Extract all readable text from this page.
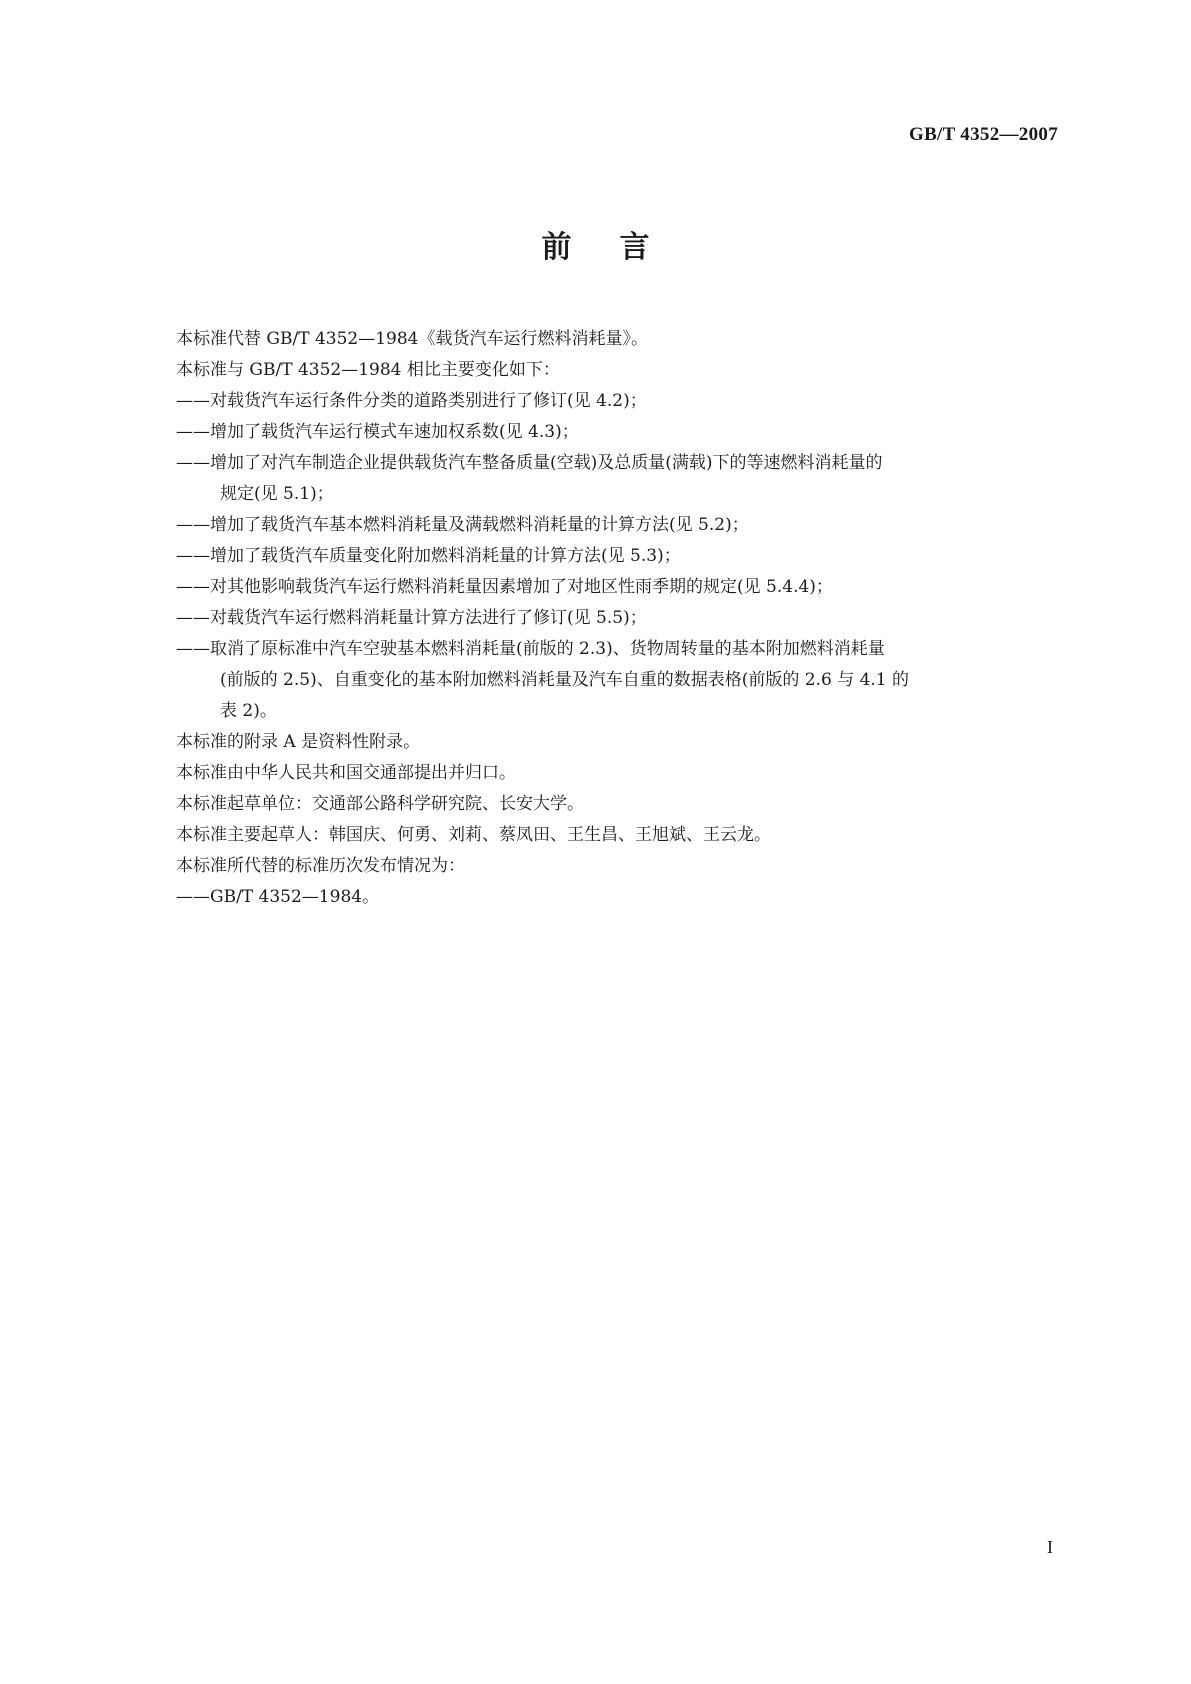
GB/T 4352—2007
前言

本标准代替 GB/T 4352—1984《载货汽车运行燃料消耗量》。

本标准与 GB/T 4352—1984 相比主要变化如下：

——对载货汽车运行条件分类的道路类别进行了修订(见 4.2)；

——增加了载货汽车运行模式车速加权系数(见 4.3)；

——增加了对汽车制造企业提供载货汽车整备质量(空载)及总质量(满载)下的等速燃料消耗量的

规定(见 5.1)；

——增加了载货汽车基本燃料消耗量及满载燃料消耗量的计算方法(见 5.2)；

——增加了载货汽车质量变化附加燃料消耗量的计算方法(见 5.3)；

——对其他影响载货汽车运行燃料消耗量因素增加了对地区性雨季期的规定(见 5.4.4)；

——对载货汽车运行燃料消耗量计算方法进行了修订(见 5.5)；

——取消了原标准中汽车空驶基本燃料消耗量(前版的 2.3)、货物周转量的基本附加燃料消耗量

(前版的 2.5)、自重变化的基本附加燃料消耗量及汽车自重的数据表格(前版的 2.6 与 4.1 的

表 2)。

本标准的附录 A 是资料性附录。

本标准由中华人民共和国交通部提出并归口。

本标准起草单位：交通部公路科学研究院、长安大学。

本标准主要起草人：韩国庆、何勇、刘莉、蔡凤田、王生昌、王旭斌、王云龙。

本标准所代替的标准历次发布情况为：

——GB/T 4352—1984。

I
